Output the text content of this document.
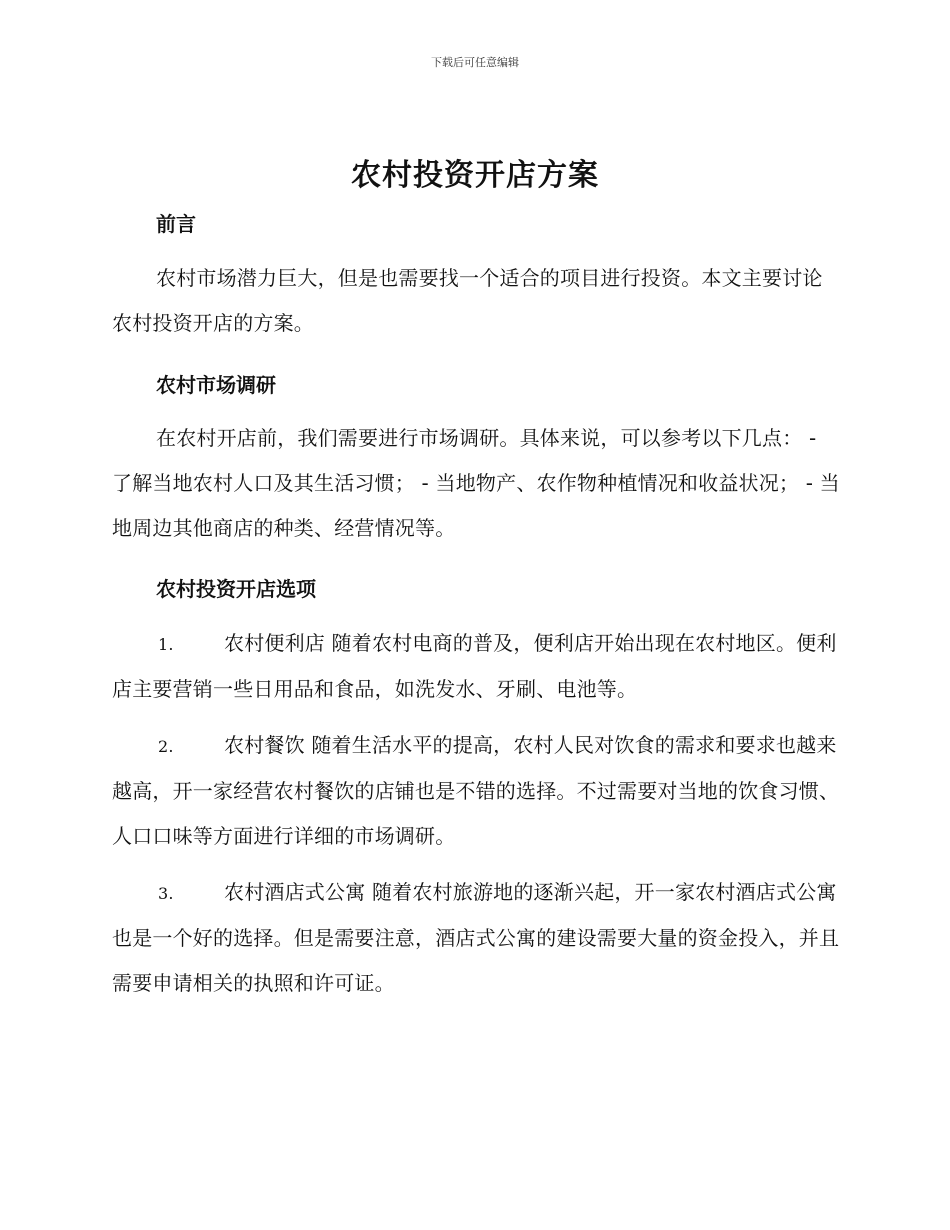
下载后可任意编辑
农村投资开店方案
前言

农村市场潜力巨大，但是也需要找一个适合的项目进行投资。本文主要讨论农村投资开店的方案。

农村市场调研

在农村开店前，我们需要进行市场调研。具体来说，可以参考以下几点： - 了解当地农村人口及其生活习惯； - 当地物产、农作物种植情况和收益状况； - 当地周边其他商店的种类、经营情况等。

农村投资开店选项

1.	农村便利店 随着农村电商的普及，便利店开始出现在农村地区。便利店主要营销一些日用品和食品，如洗发水、牙刷、电池等。

2.	农村餐饮 随着生活水平的提高，农村人民对饮食的需求和要求也越来越高，开一家经营农村餐饮的店铺也是不错的选择。不过需要对当地的饮食习惯、人口口味等方面进行详细的市场调研。

3.	农村酒店式公寓 随着农村旅游地的逐渐兴起，开一家农村酒店式公寓也是一个好的选择。但是需要注意，酒店式公寓的建设需要大量的资金投入，并且需要申请相关的执照和许可证。
